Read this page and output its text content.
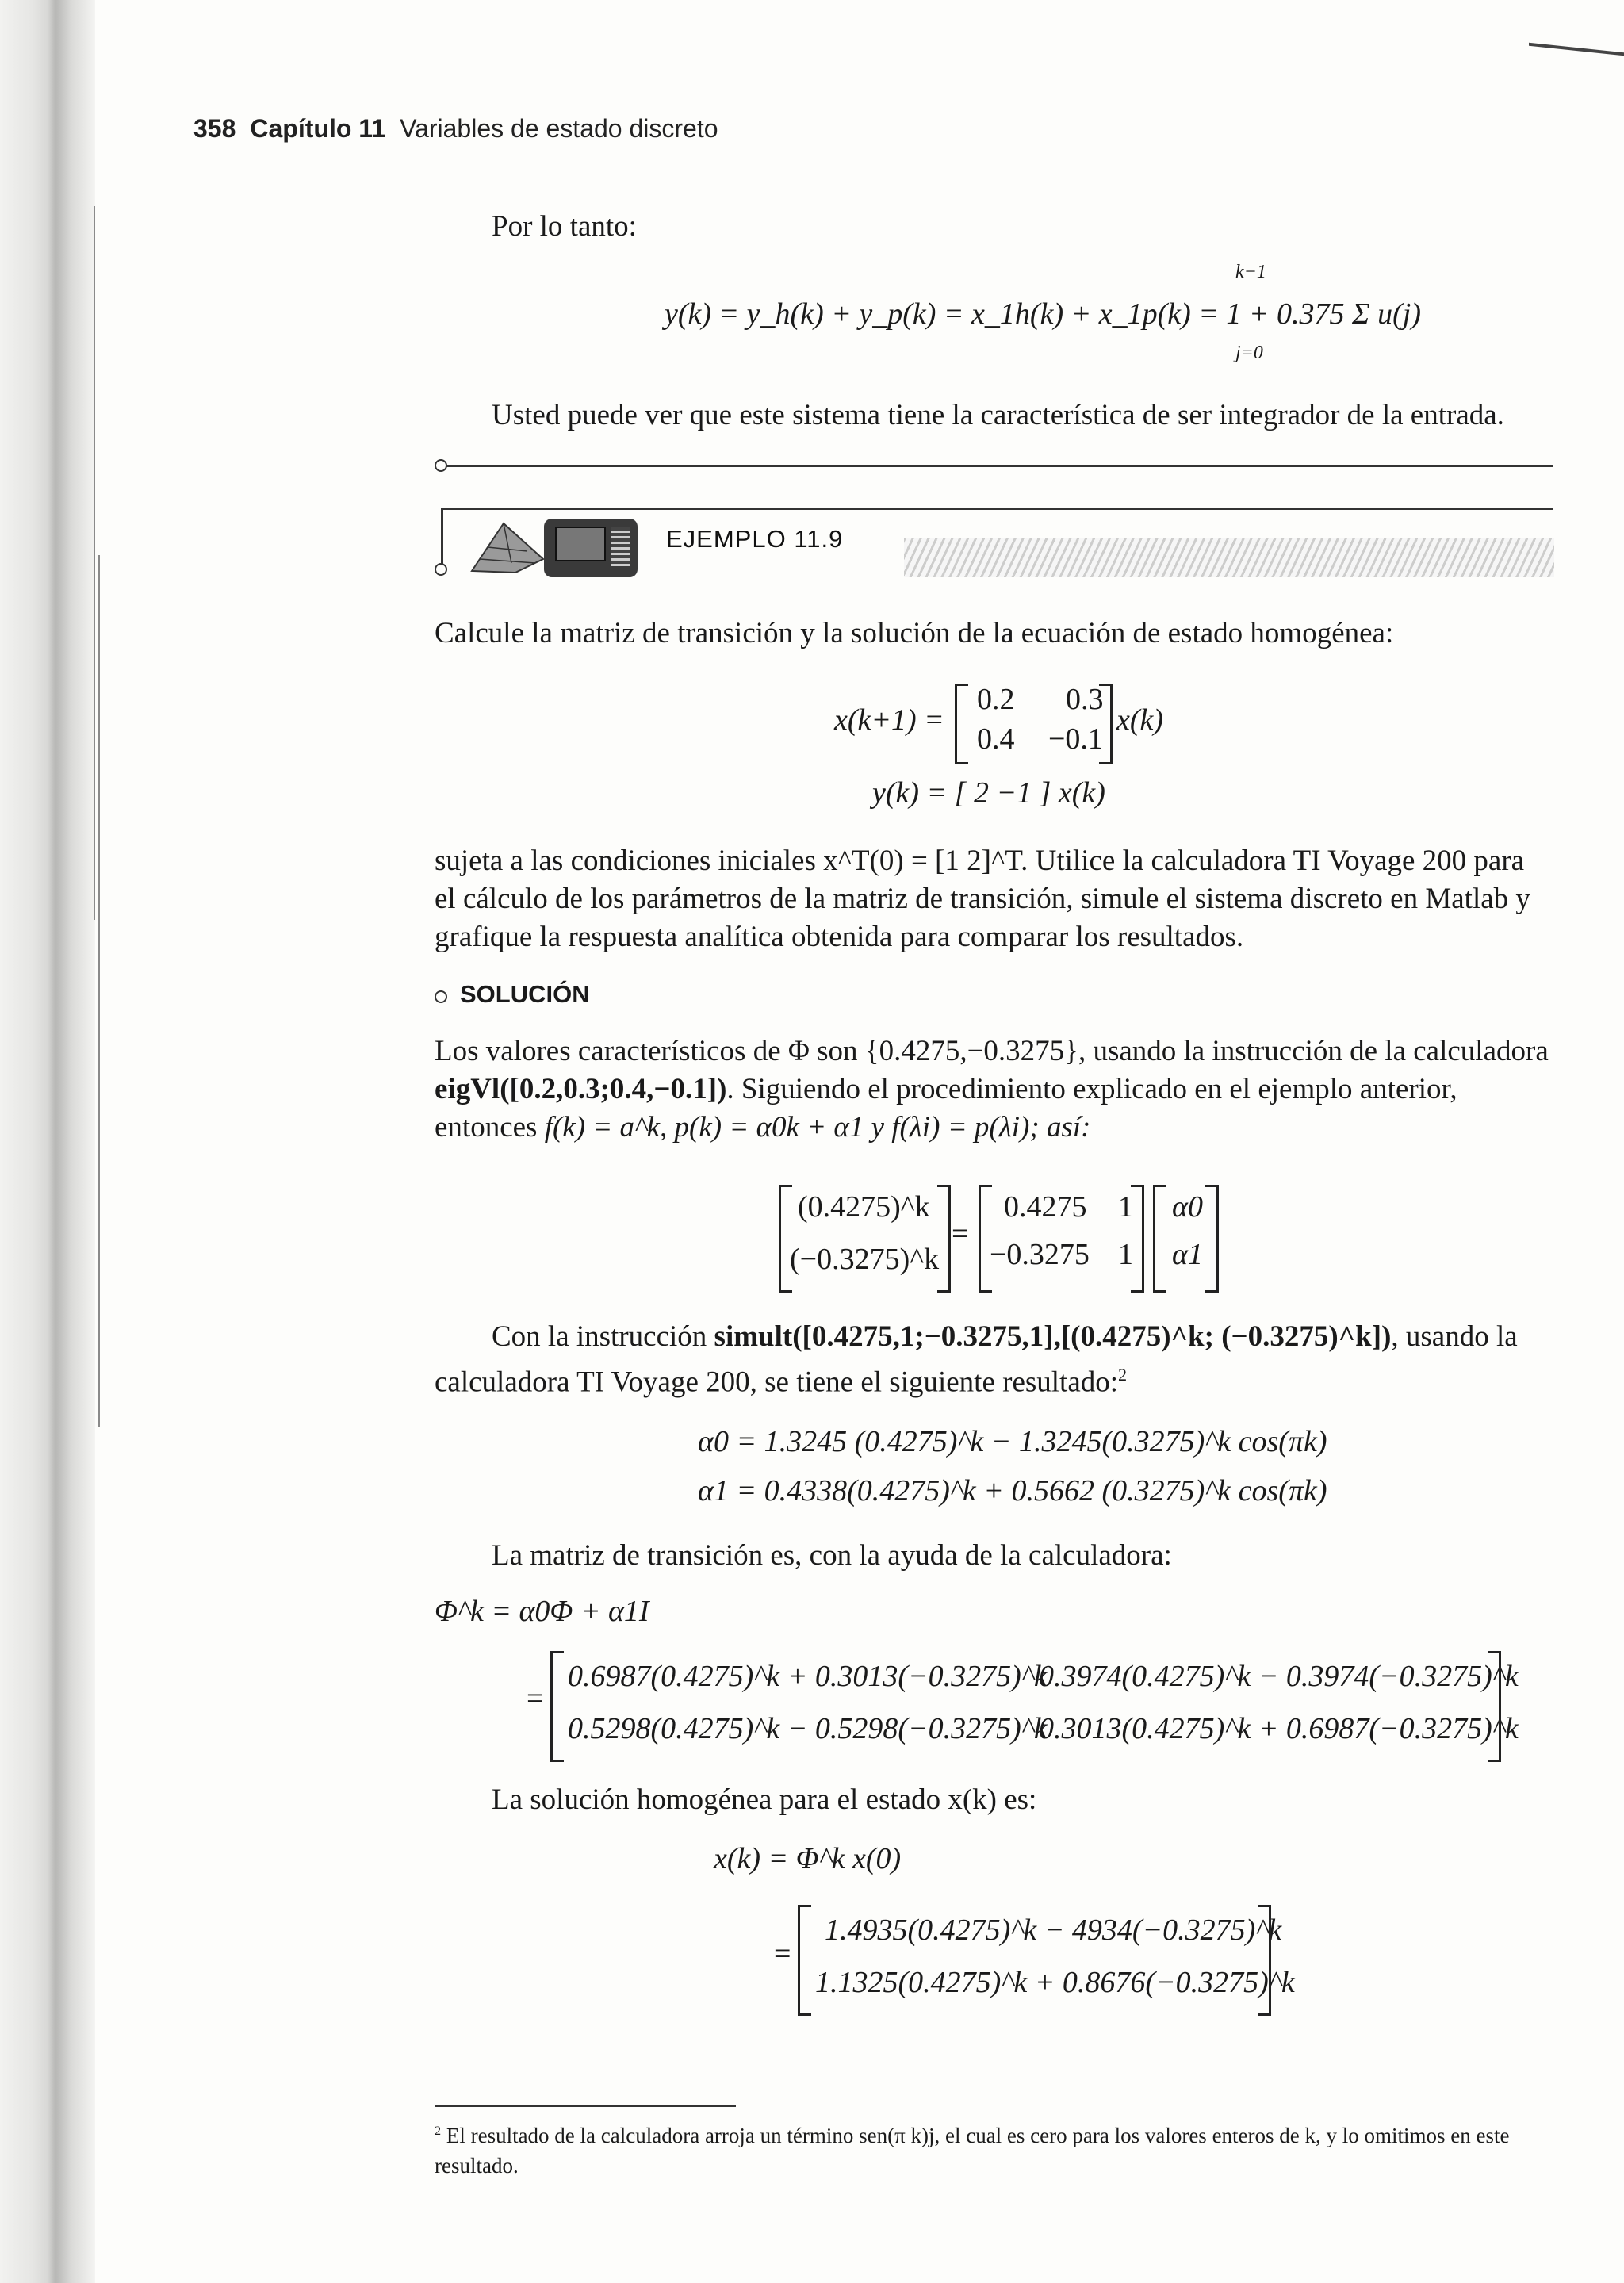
358 Capítulo 11 Variables de estado discreto
Por lo tanto:
y(k) = y_h(k) + y_p(k) = x_1h(k) + x_1p(k) = 1 + 0.375 Σ u(j)
k−1
j=0
Usted puede ver que este sistema tiene la característica de ser integrador de la entrada.
EJEMPLO 11.9
Calcule la matriz de transición y la solución de la ecuación de estado homogénea:
x(k+1) =
0.2 0.3
0.4 −0.1
x(k)
y(k) = [ 2 −1 ] x(k)
sujeta a las condiciones iniciales x^T(0) = [1 2]^T. Utilice la calculadora TI Voyage 200 para el cálculo de los parámetros de la matriz de transición, simule el sistema discreto en Matlab y grafique la respuesta analítica obtenida para comparar los resultados.
SOLUCIÓN
Los valores característicos de Φ son {0.4275,−0.3275}, usando la instrucción de la calculadora eigVl([0.2,0.3;0.4,−0.1]). Siguiendo el procedimiento explicado en el ejemplo anterior, entonces f(k) = a^k, p(k) = α0k + α1 y f(λi) = p(λi); así:
(0.4275)^k
(−0.3275)^k
=
0.4275 1
−0.3275 1
α0
α1
Con la instrucción simult([0.4275,1;−0.3275,1],[(0.4275)^k; (−0.3275)^k]), usando la calculadora TI Voyage 200, se tiene el siguiente resultado:$^2$
α0 = 1.3245 (0.4275)^k − 1.3245(0.3275)^k cos(πk)
α1 = 0.4338(0.4275)^k + 0.5662 (0.3275)^k cos(πk)
La matriz de transición es, con la ayuda de la calculadora:
Φ^k = α0Φ + α1I
=
0.6987(0.4275)^k + 0.3013(−0.3275)^k
0.3974(0.4275)^k − 0.3974(−0.3275)^k
0.5298(0.4275)^k − 0.5298(−0.3275)^k
0.3013(0.4275)^k + 0.6987(−0.3275)^k
La solución homogénea para el estado x(k) es:
x(k) = Φ^k x(0)
=
1.4935(0.4275)^k − 4934(−0.3275)^k
1.1325(0.4275)^k + 0.8676(−0.3275)^k
$^2$ El resultado de la calculadora arroja un término sen(π k)j, el cual es cero para los valores enteros de k, y lo omitimos en este resultado.
